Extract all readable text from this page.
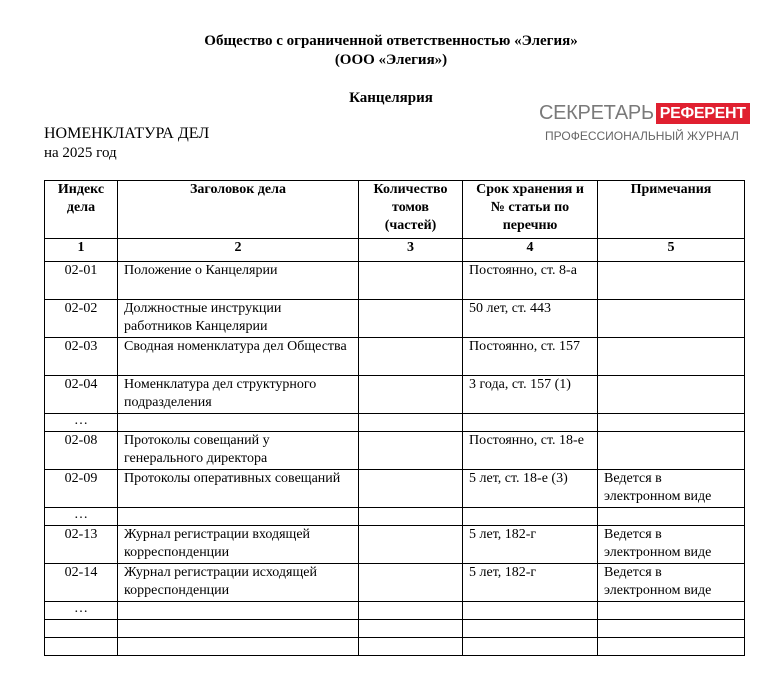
Общество с ограниченной ответственностью «Элегия»
(ООО «Элегия»)
Канцелярия
СЕКРЕТАРЬ РЕФЕРЕНТ
ПРОФЕССИОНАЛЬНЫЙ ЖУРНАЛ
НОМЕНКЛАТУРА ДЕЛ
на 2025 год
Индекс дела	Заголовок дела	Количество томов (частей)	Срок хранения и № статьи по перечню	Примечания
1	2	3	4	5
02-01	Положение о Канцелярии		Постоянно, ст. 8-а	
02-02	Должностные инструкции работников Канцелярии		50 лет, ст. 443	
02-03	Сводная номенклатура дел Общества		Постоянно, ст. 157	
02-04	Номенклатура дел структурного подразделения		3 года, ст. 157 (1)	
…				
02-08	Протоколы совещаний у генерального директора		Постоянно, ст. 18-е	
02-09	Протоколы оперативных совещаний		5 лет, ст. 18-е (3)	Ведется в электронном виде
…				
02-13	Журнал регистрации входящей корреспонденции		5 лет, 182-г	Ведется в электронном виде
02-14	Журнал регистрации исходящей корреспонденции		5 лет, 182-г	Ведется в электронном виде
…				
